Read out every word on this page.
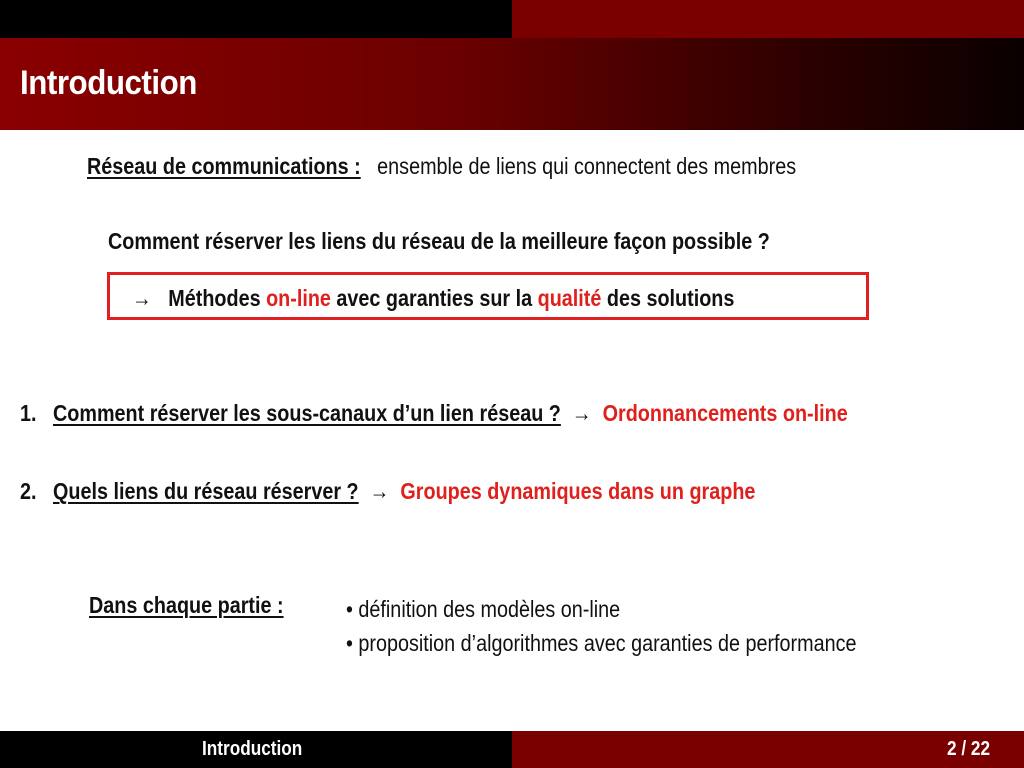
Introduction
Réseau de communications : ensemble de liens qui connectent des membres
Comment réserver les liens du réseau de la meilleure façon possible ?
→ Méthodes on-line avec garanties sur la qualité des solutions
1. Comment réserver les sous-canaux d’un lien réseau ? → Ordonnancements on-line
2. Quels liens du réseau réserver ? → Groupes dynamiques dans un graphe
Dans chaque partie :	• définition des modèles on-line
• proposition d’algorithmes avec garanties de performance
Introduction	2 / 22
